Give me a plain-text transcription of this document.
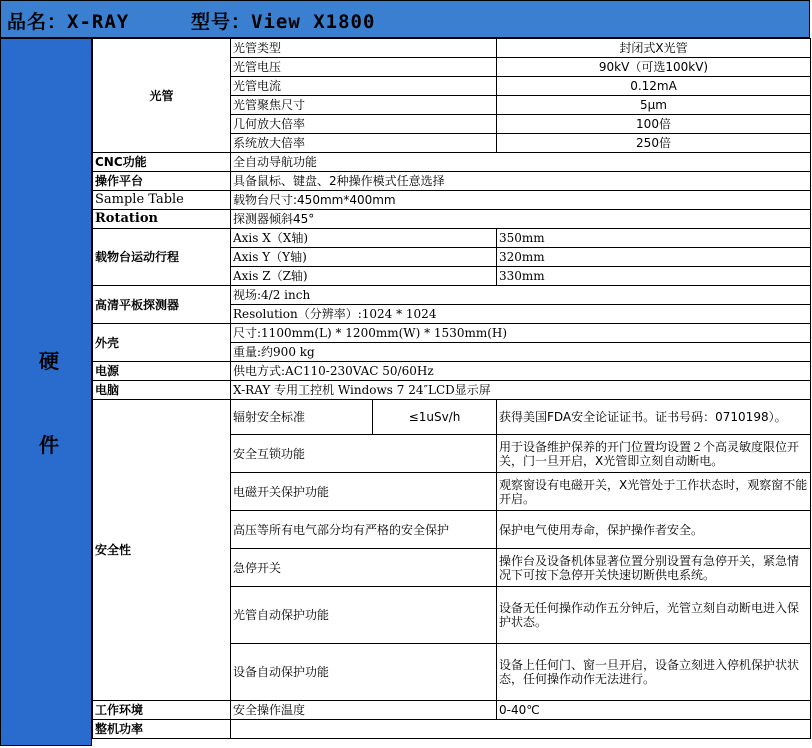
品名：X-RAY	型号：View X1800
硬
件
光管	光管类型		封闭式X光管
	光管电压		90kV（可选100kV)
	光管电流		0.12mA
	光管聚焦尺寸		5μm
	几何放大倍率		100倍
	系统放大倍率		250倍
CNC功能	全自动导航功能		
操作平台	具备鼠标、键盘、2种操作模式任意选择		
Sample Table	载物台尺寸:450mm*400mm		
Rotation	探测器倾斜45°		
载物台运动行程	Axis X（X轴)		350mm
	Axis Y（Y轴)		320mm
	Axis Z（Z轴)		330mm
高清平板探测器	视场:4/2 inch		
	Resolution（分辨率）:1024 * 1024		
外壳	尺寸:1100mm(L) * 1200mm(W) * 1530mm(H)		
	重量:约900 kg		
电源	供电方式:AC110-230VAC 50/60Hz		
电脑	X-RAY 专用工控机 Windows 7 24″LCD显示屏		
安全性	辐射安全标准	≤1uSv/h	获得美国FDA安全论证证书。证书号码：0710198）。
	安全互锁功能		用于设备维护保养的开门位置均设置２个高灵敏度限位开关，门一旦开启，X光管即立刻自动断电。
	电磁开关保护功能		观察窗设有电磁开关，X光管处于工作状态时，观察窗不能开启。
	高压等所有电气部分均有严格的安全保护		保护电气使用寿命，保护操作者安全。
	急停开关		操作台及设备机体显著位置分别设置有急停开关，紧急情况下可按下急停开关快速切断供电系统。
	光管自动保护功能		设备无任何操作动作五分钟后，光管立刻自动断电进入保护状态。
	设备自动保护功能		设备上任何门、窗一旦开启，设备立刻进入停机保护状状态，任何操作动作无法进行。
工作环境	安全操作温度		0-40℃
整机功率			
